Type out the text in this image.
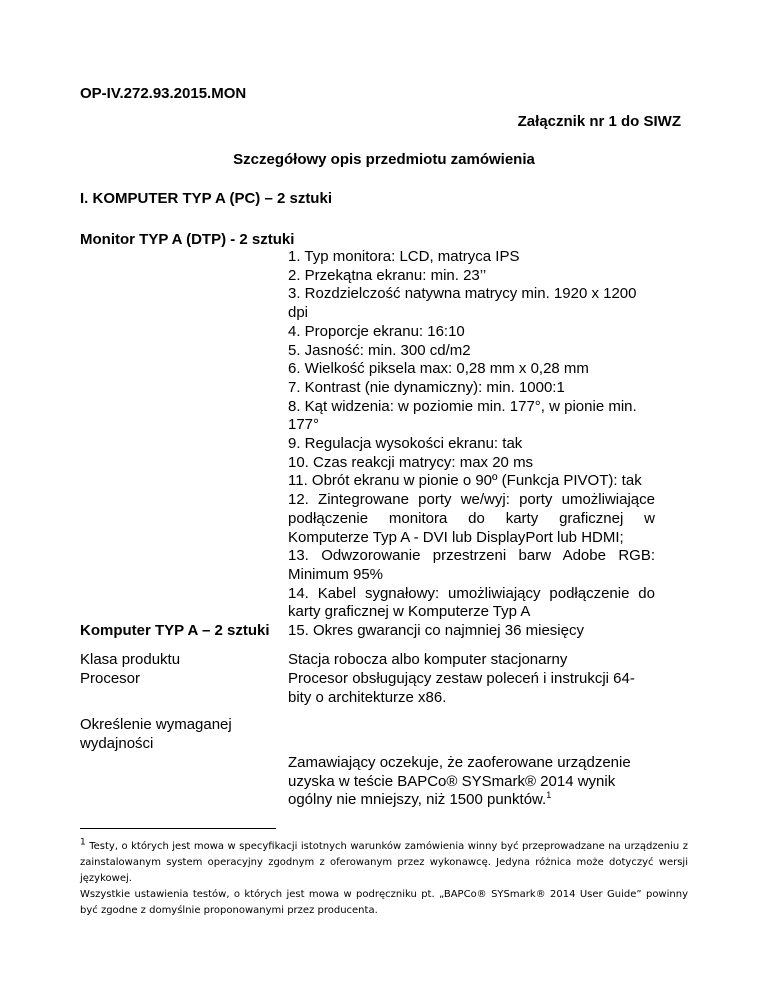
OP-IV.272.93.2015.MON
Załącznik nr 1 do SIWZ
Szczegółowy opis przedmiotu zamówienia
I. KOMPUTER TYP A (PC) – 2 sztuki
Monitor TYP A (DTP) - 2 sztuki
1. Typ monitora: LCD, matryca IPS
2. Przekątna ekranu: min. 23’’
3. Rozdzielczość natywna matrycy min. 1920 x 1200 dpi
4. Proporcje ekranu: 16:10
5. Jasność: min. 300 cd/m2
6. Wielkość piksela max: 0,28 mm x 0,28 mm
7. Kontrast (nie dynamiczny): min. 1000:1
8. Kąt widzenia: w poziomie min. 177°, w pionie min. 177°
9. Regulacja wysokości ekranu: tak
10. Czas reakcji matrycy: max 20 ms
11. Obrót ekranu w pionie o 90º (Funkcja PIVOT): tak
12. Zintegrowane porty we/wyj: porty umożliwiające podłączenie monitora do karty graficznej w Komputerze Typ A - DVI lub DisplayPort lub HDMI;
13. Odwzorowanie przestrzeni barw Adobe RGB: Minimum 95%
14. Kabel sygnałowy: umożliwiający podłączenie do karty graficznej w Komputerze Typ A
15. Okres gwarancji co najmniej 36 miesięcy
Komputer TYP A – 2 sztuki
Klasa produktu	Stacja robocza albo komputer stacjonarny
Procesor	Procesor obsługujący zestaw poleceń i instrukcji 64-bity o architekturze x86.
Określenie wymaganej wydajności
Zamawiający oczekuje, że zaoferowane urządzenie uzyska w teście BAPCo® SYSmark® 2014 wynik ogólny nie mniejszy, niż 1500 punktów.$^1$
$^1$ Testy, o których jest mowa w specyfikacji istotnych warunków zamówienia winny być przeprowadzane na urządzeniu z zainstalowanym system operacyjny zgodnym z oferowanym przez wykonawcę. Jedyna różnica może dotyczyć wersji językowej.
Wszystkie ustawienia testów, o których jest mowa w podręczniku pt. „BAPCo® SYSmark® 2014 User Guide” powinny być zgodne z domyślnie proponowanymi przez producenta.
